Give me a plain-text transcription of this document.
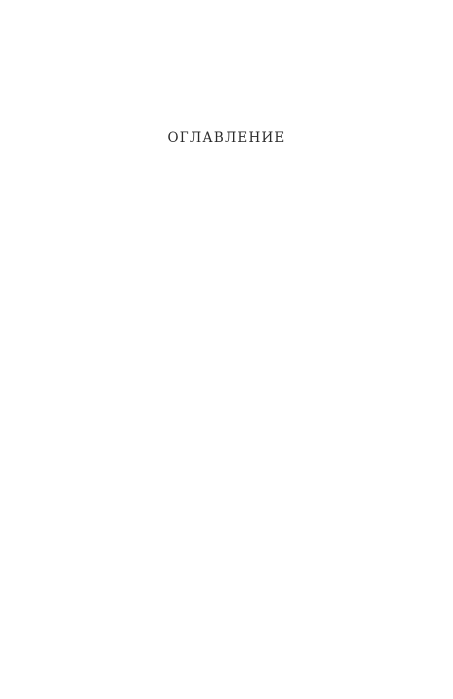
ОГЛАВЛЕНИЕ
